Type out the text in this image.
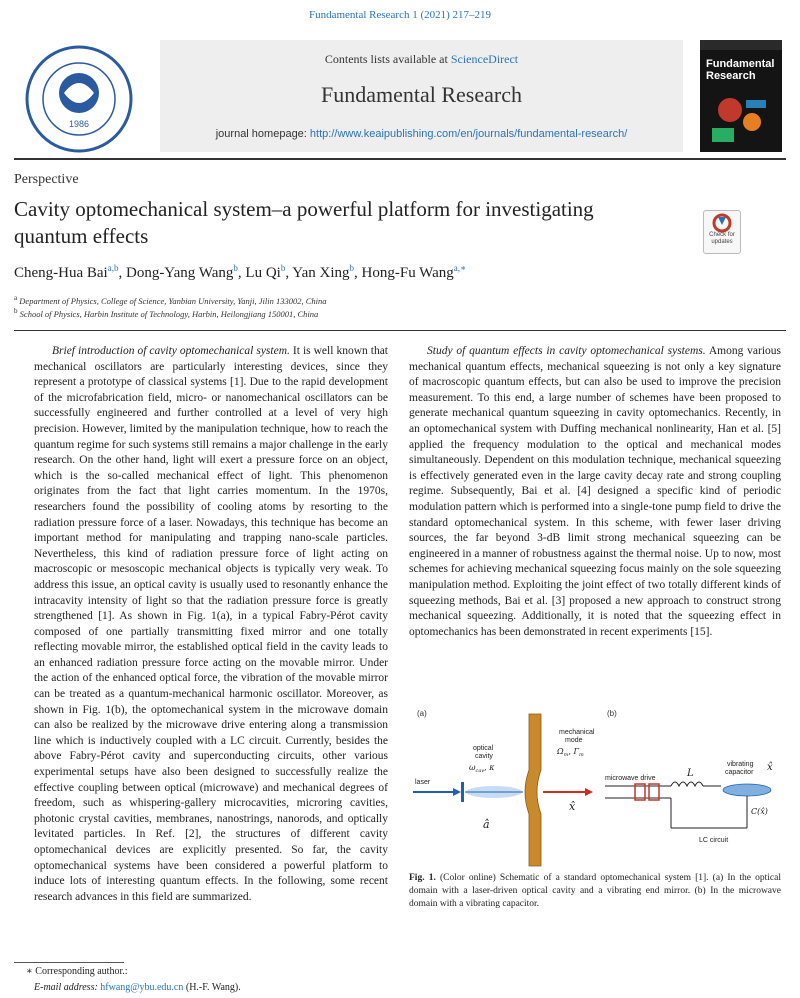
Fundamental Research 1 (2021) 217–219
1986
Contents lists available at ScienceDirect
Fundamental Research
journal homepage: http://www.keaipublishing.com/en/journals/fundamental-research/
Fundamental Research
Perspective
Cavity optomechanical system–a powerful platform for investigating quantum effects	Check for updates
Cheng-Hua Bai$^{a,b}$, Dong-Yang Wang$^b$, Lu Qi$^b$, Yan Xing$^b$, Hong-Fu Wang$^{a,∗}$
$^a$ Department of Physics, College of Science, Yanbian University, Yanji, Jilin 133002, China
$^b$ School of Physics, Harbin Institute of Technology, Harbin, Heilongjiang 150001, China

Brief introduction of cavity optomechanical system. It is well known that mechanical oscillators are particularly interesting devices, since they represent a prototype of classical systems [1]. Due to the rapid development of the microfabrication field, micro- or nanomechanical oscillators can be successfully engineered and further controlled at a level of very high precision. However, limited by the manipulation technique, how to reach the quantum regime for such systems still remains a major challenge in the early research. On the other hand, light will exert a pressure force on an object, which is the so-called mechanical effect of light. This phenomenon originates from the fact that light carries momentum. In the 1970s, researchers found the possibility of cooling atoms by resorting to the radiation pressure force of a laser. Nowadays, this technique has become an important method for manipulating and trapping nano-scale particles. Nevertheless, this kind of radiation pressure force of light acting on macroscopic or mesoscopic mechanical objects is typically very weak. To address this issue, an optical cavity is usually used to resonantly enhance the intracavity intensity of light so that the radiation pressure force is greatly strengthened [1]. As shown in Fig. 1(a), in a typical Fabry-Pérot cavity composed of one partially transmitting fixed mirror and one totally reflecting movable mirror, the established optical field in the cavity leads to an enhanced radiation pressure force acting on the movable mirror. Under the action of the enhanced optical force, the vibration of the movable mirror can be treated as a quantum-mechanical harmonic oscillator. Moreover, as shown in Fig. 1(b), the optomechanical system in the microwave domain can also be realized by the microwave drive entering along a transmission line which is inductively coupled with a LC circuit. Currently, besides the above Fabry-Pérot cavity and superconducting circuits, other various experimental setups have also been designed to successfully realize the effective coupling between optical (microwave) and mechanical degrees of freedom, such as whispering-gallery microcavities, microring cavities, photonic crystal cavities, membranes, nanostrings, nanorods, and optically levitated particles. In Ref. [2], the structures of different cavity optomechanical devices are explicitly presented. So far, the cavity optomechanical systems have been considered a powerful platform to induce lots of interesting quantum effects. In the following, some recent research advances in this field are summarized.

Study of quantum effects in cavity optomechanical systems. Among various mechanical quantum effects, mechanical squeezing is not only a key signature of macroscopic quantum effects, but can also be used to improve the precision measurement. To this end, a large number of schemes have been proposed to generate mechanical quantum squeezing in cavity optomechanics. Recently, in an optomechanical system with Duffing mechanical nonlinearity, Han et al. [5] applied the frequency modulation to the optical and mechanical modes simultaneously. Dependent on this modulation technique, mechanical squeezing is effectively generated even in the large cavity decay rate and strong coupling regime. Subsequently, Bai et al. [4] designed a specific kind of periodic modulation pattern which is performed into a single-tone pump field to drive the standard optomechanical system. In this scheme, with fewer laser driving sources, the far beyond 3-dB limit strong mechanical squeezing can be engineered in a manner of robustness against the thermal noise. Up to now, most schemes for achieving mechanical squeezing focus mainly on the sole squeezing manipulation method. Exploiting the joint effect of two totally different kinds of squeezing methods, Bai et al. [3] proposed a new approach to construct strong mechanical squeezing. Additionally, it is noted that the squeezing effect in optomechanics has been demonstrated in recent experiments [15].

(a)
laser
optical
cavity
$\omega_{cav}$, κ
â
mechanical
mode
$\Omega_m$, $\Gamma_m$
x̂
(b)
microwave drive	L
vibrating
capacitor x̂
C(x̂)
LC circuit
Fig. 1. (Color online) Schematic of a standard optomechanical system [1]. (a) In the optical domain with a laser-driven optical cavity and a vibrating end mirror. (b) In the microwave domain with a vibrating capacitor.
∗ Corresponding author.:
E-mail address: hfwang@ybu.edu.cn (H.-F. Wang).
